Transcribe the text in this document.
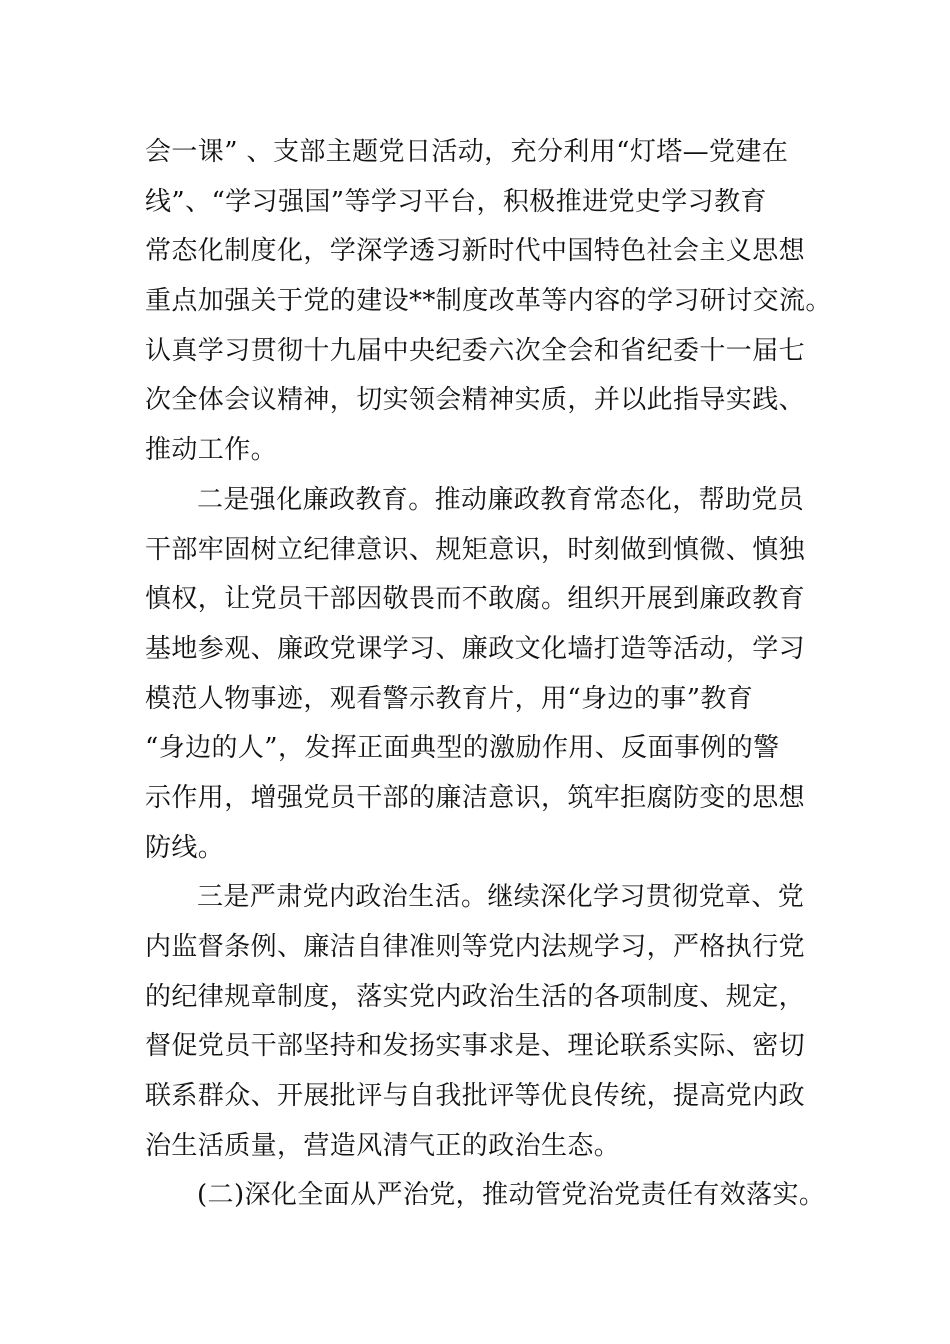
会一课” 、支部主题党日活动，充分利用“灯塔—党建在
线”、“学习强国”等学习平台，积极推进党史学习教育
常态化制度化，学深学透习新时代中国特色社会主义思想
重点加强关于党的建设**制度改革等内容的学习研讨交流。
认真学习贯彻十九届中央纪委六次全会和省纪委十一届七
次全体会议精神，切实领会精神实质，并以此指导实践、
推动工作。
二是强化廉政教育。推动廉政教育常态化，帮助党员
干部牢固树立纪律意识、规矩意识，时刻做到慎微、慎独
慎权，让党员干部因敬畏而不敢腐。组织开展到廉政教育
基地参观、廉政党课学习、廉政文化墙打造等活动，学习
模范人物事迹，观看警示教育片，用“身边的事”教育
“身边的人”，发挥正面典型的激励作用、反面事例的警
示作用，增强党员干部的廉洁意识，筑牢拒腐防变的思想
防线。
三是严肃党内政治生活。继续深化学习贯彻党章、党
内监督条例、廉洁自律准则等党内法规学习，严格执行党
的纪律规章制度，落实党内政治生活的各项制度、规定，
督促党员干部坚持和发扬实事求是、理论联系实际、密切
联系群众、开展批评与自我批评等优良传统，提高党内政
治生活质量，营造风清气正的政治生态。
(二)深化全面从严治党，推动管党治党责任有效落实。
